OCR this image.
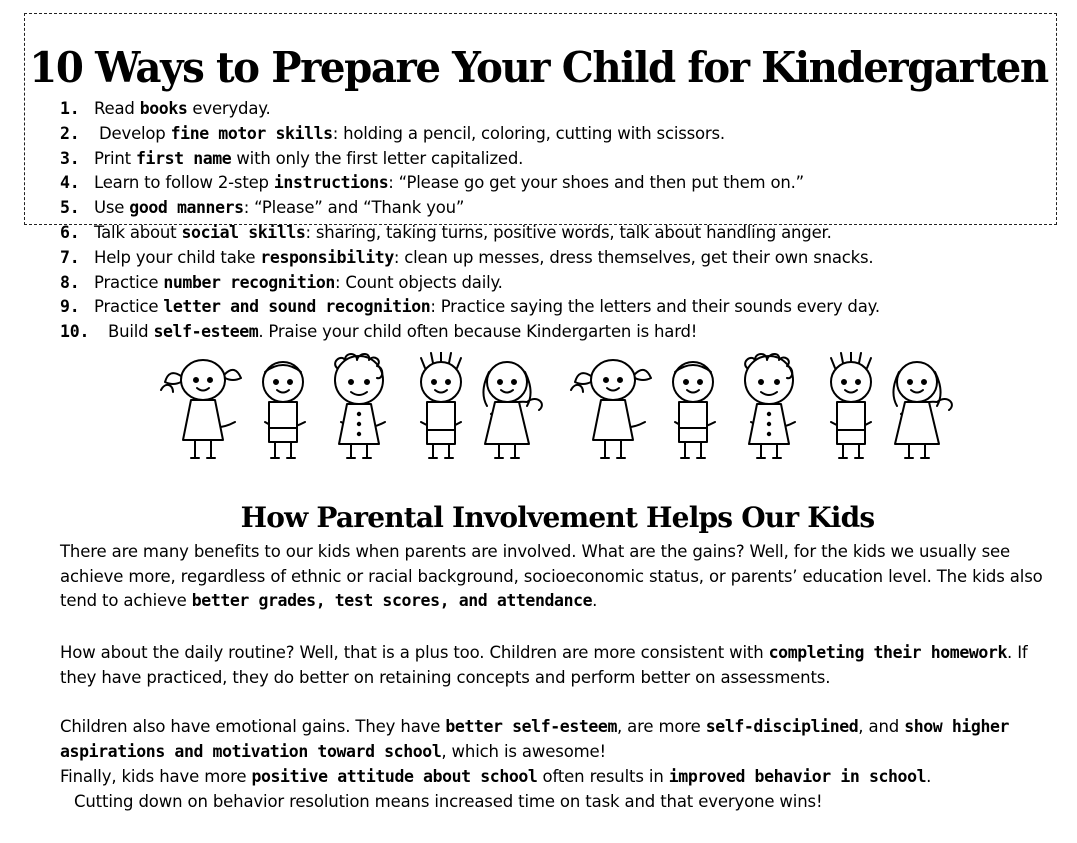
10 Ways to Prepare Your Child for Kindergarten
1. Read books everyday.
2. Develop fine motor skills: holding a pencil, coloring, cutting with scissors.
3. Print first name with only the first letter capitalized.
4. Learn to follow 2-step instructions: “Please go get your shoes and then put them on.”
5. Use good manners: “Please” and “Thank you”
6. Talk about social skills: sharing, taking turns, positive words, talk about handling anger.
7. Help your child take responsibility: clean up messes, dress themselves, get their own snacks.
8. Practice number recognition: Count objects daily.
9. Practice letter and sound recognition: Practice saying the letters and their sounds every day.
10. Build self-esteem. Praise your child often because Kindergarten is hard!
How Parental Involvement Helps Our Kids

There are many benefits to our kids when parents are involved. What are the gains? Well, for the kids we usually see achieve more, regardless of ethnic or racial background, socioeconomic status, or parents’ education level. The kids also tend to achieve better grades, test scores, and attendance.

How about the daily routine? Well, that is a plus too. Children are more consistent with completing their homework. If they have practiced, they do better on retaining concepts and perform better on assessments.

Children also have emotional gains. They have better self-esteem, are more self-disciplined, and show higher aspirations and motivation toward school, which is awesome!

Finally, kids have more positive attitude about school often results in improved behavior in school.
Cutting down on behavior resolution means increased time on task and that everyone wins!
